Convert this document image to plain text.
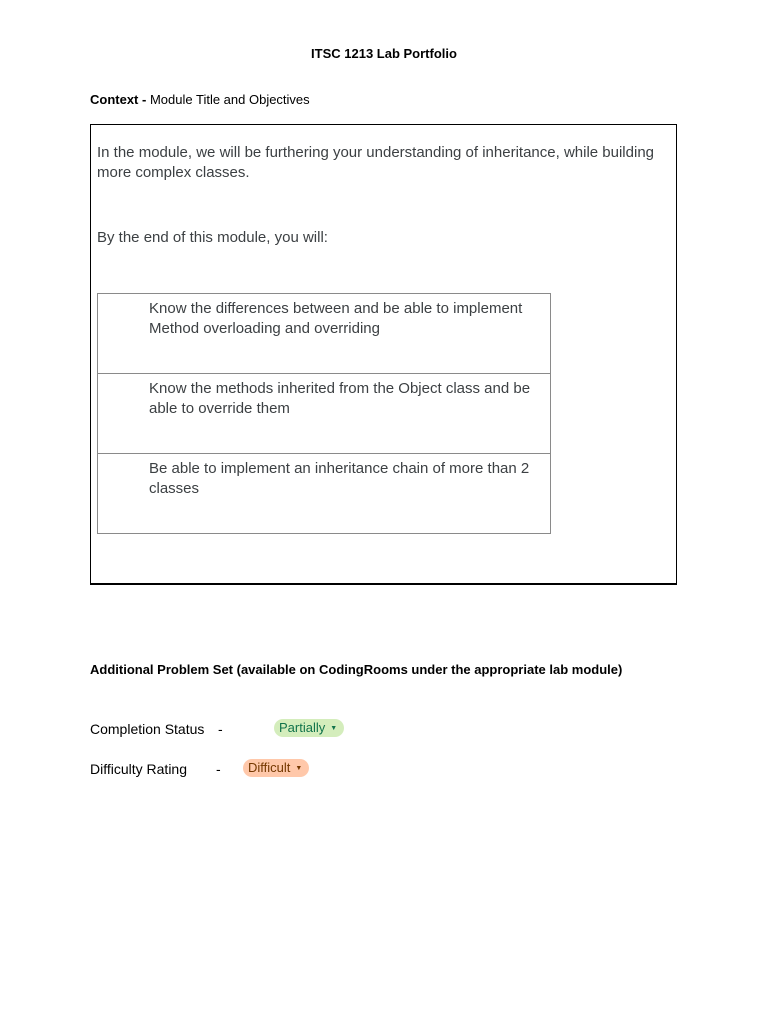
ITSC 1213 Lab Portfolio
Context - Module Title and Objectives
In the module, we will be furthering your understanding of inheritance, while building more complex classes.
By the end of this module, you will:
Know the differences between and be able to implement Method overloading and overriding
Know the methods inherited from the Object class and be able to override them
Be able to implement an inheritance chain of more than 2 classes
Additional Problem Set (available on CodingRooms under the appropriate lab module)
Completion Status -	Partially ▼
Difficulty Rating -	Difficult ▼
